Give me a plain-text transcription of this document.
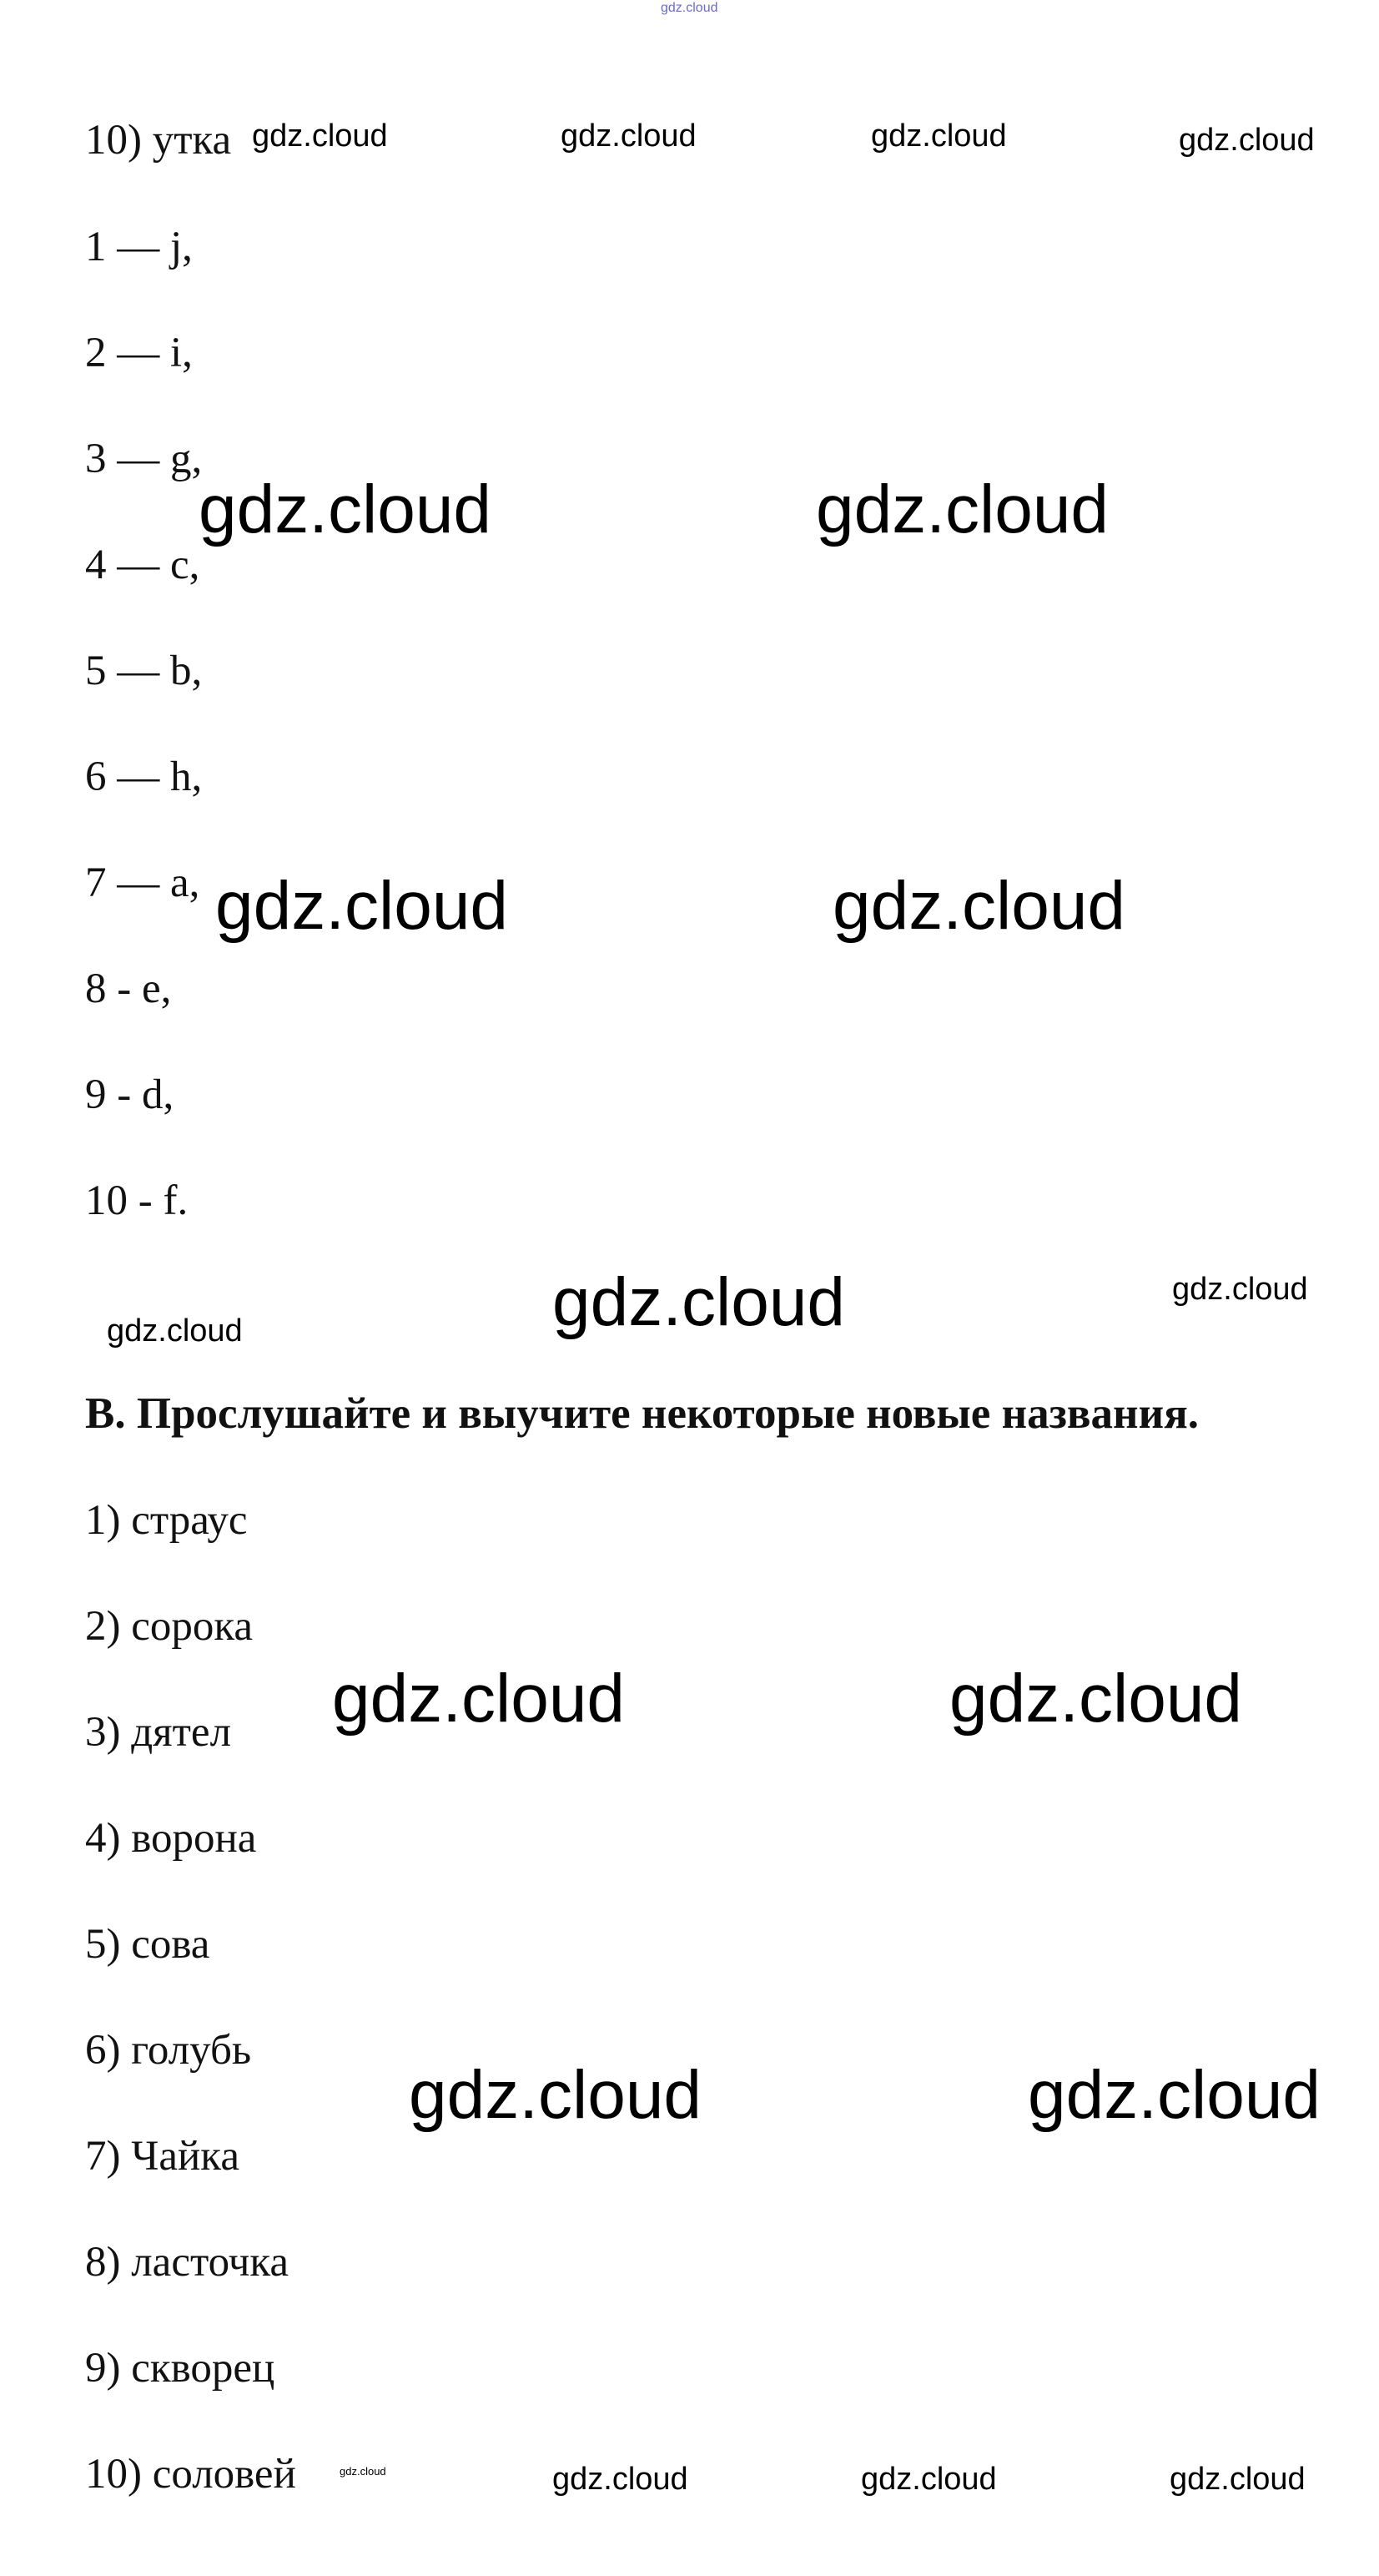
gdz.cloud
10) утка gdz.cloud	gdz.cloud	gdz.cloud	gdz.cloud
1 — j,
2 — i,
3 — g,
4 — c,
5 — b,
6 — h,
7 — a,
8 - e,
9 - d,
10 - f.
gdz.cloud	gdz.cloud
gdz.cloud	gdz.cloud
gdz.cloud
gdz.cloud
gdz.cloud
В. Прослушайте и выучите некоторые новые названия.
1) страус
2) сорока
3) дятел
4) ворона
5) сова
6) голубь
7) Чайка
8) ласточка
9) скворец
10) соловей
gdz.cloud	gdz.cloud
gdz.cloud	gdz.cloud
gdz.cloud	gdz.cloud	gdz.cloud	gdz.cloud
